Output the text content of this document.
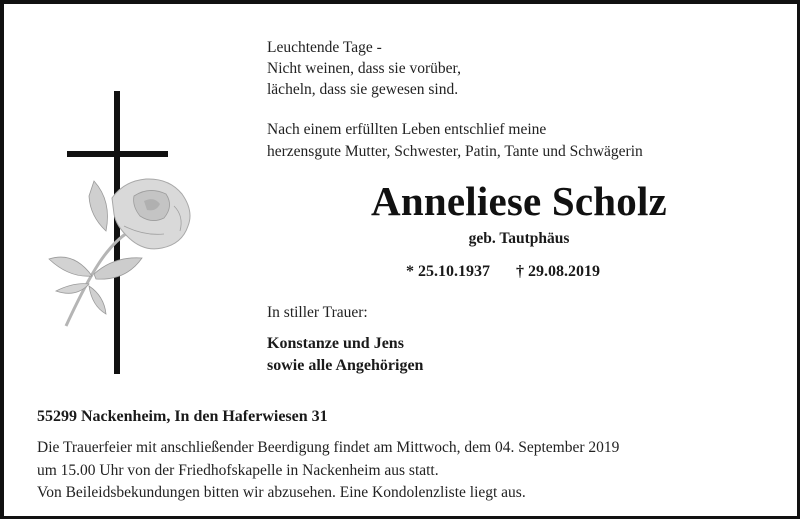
Leuchtende Tage -
Nicht weinen, dass sie vorüber,
lächeln, dass sie gewesen sind.
Nach einem erfüllten Leben entschlief meine
herzensgute Mutter, Schwester, Patin, Tante und Schwägerin
Anneliese Scholz
geb. Tautphäus
* 25.10.1937 † 29.08.2019
In stiller Trauer:
Konstanze und Jens
sowie alle Angehörigen
55299 Nackenheim, In den Haferwiesen 31
Die Trauerfeier mit anschließender Beerdigung findet am Mittwoch, dem 04. September 2019
um 15.00 Uhr von der Friedhofskapelle in Nackenheim aus statt.
Von Beileidsbekundungen bitten wir abzusehen. Eine Kondolenzliste liegt aus.
